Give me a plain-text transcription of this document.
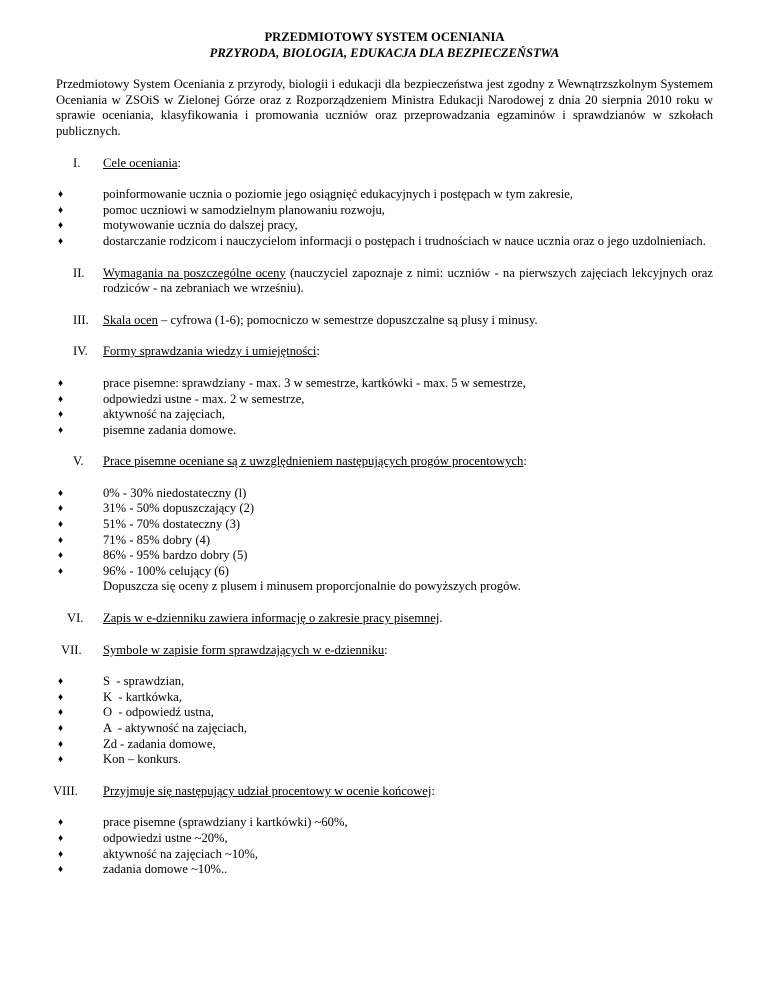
PRZEDMIOTOWY SYSTEM OCENIANIA

PRZYRODA, BIOLOGIA, EDUKACJA DLA BEZPIECZEŃSTWA

Przedmiotowy System Oceniania z przyrody, biologii i edukacji dla bezpieczeństwa jest zgodny z Wewnątrzszkolnym Systemem Oceniania w ZSOiS w Zielonej Górze oraz z Rozporządzeniem Ministra Edukacji Narodowej z dnia 20 sierpnia 2010 roku w sprawie oceniania, klasyfikowania i promowania uczniów oraz przeprowadzania egzaminów i sprawdzianów w szkołach publicznych.

I.	Cele oceniania:
♦	poinformowanie ucznia o poziomie jego osiągnięć edukacyjnych i postępach w tym zakresie,
♦	pomoc uczniowi w samodzielnym planowaniu rozwoju,
♦	motywowanie ucznia do dalszej pracy,
♦	dostarczanie rodzicom i nauczycielom informacji o postępach i trudnościach w nauce ucznia oraz o jego uzdolnieniach.
II.	Wymagania na poszczególne oceny (nauczyciel zapoznaje z nimi: uczniów - na pierwszych zajęciach lekcyjnych oraz rodziców - na zebraniach we wrześniu).
III.	Skala ocen – cyfrowa (1-6); pomocniczo w semestrze dopuszczalne są plusy i minusy.
IV.	Formy sprawdzania wiedzy i umiejętności:
♦	prace pisemne: sprawdziany - max. 3 w semestrze, kartkówki - max. 5 w semestrze,
♦	odpowiedzi ustne - max. 2 w semestrze,
♦	aktywność na zajęciach,
♦	pisemne zadania domowe.
V.	Prace pisemne oceniane są z uwzględnieniem następujących progów procentowych:
♦	0% - 30% niedostateczny (l)
♦	31% - 50% dopuszczający (2)
♦	51% - 70% dostateczny (3)
♦	71% - 85% dobry (4)
♦	86% - 95% bardzo dobry (5)
♦	96% - 100% celujący (6)
Dopuszcza się oceny z plusem i minusem proporcjonalnie do powyższych progów.
VI.	Zapis w e-dzienniku zawiera informację o zakresie pracy pisemnej.
VII.	Symbole w zapisie form sprawdzających w e-dzienniku:
♦	S  - sprawdzian,
♦	K  - kartkówka,
♦	O  - odpowiedź ustna,
♦	A  - aktywność na zajęciach,
♦	Zd - zadania domowe,
♦	Kon – konkurs.
VIII.	Przyjmuje się następujący udział procentowy w ocenie końcowej:
♦	prace pisemne (sprawdziany i kartkówki) ~60%,
♦	odpowiedzi ustne ~20%,
♦	aktywność na zajęciach ~10%,
♦	zadania domowe ~10%..
